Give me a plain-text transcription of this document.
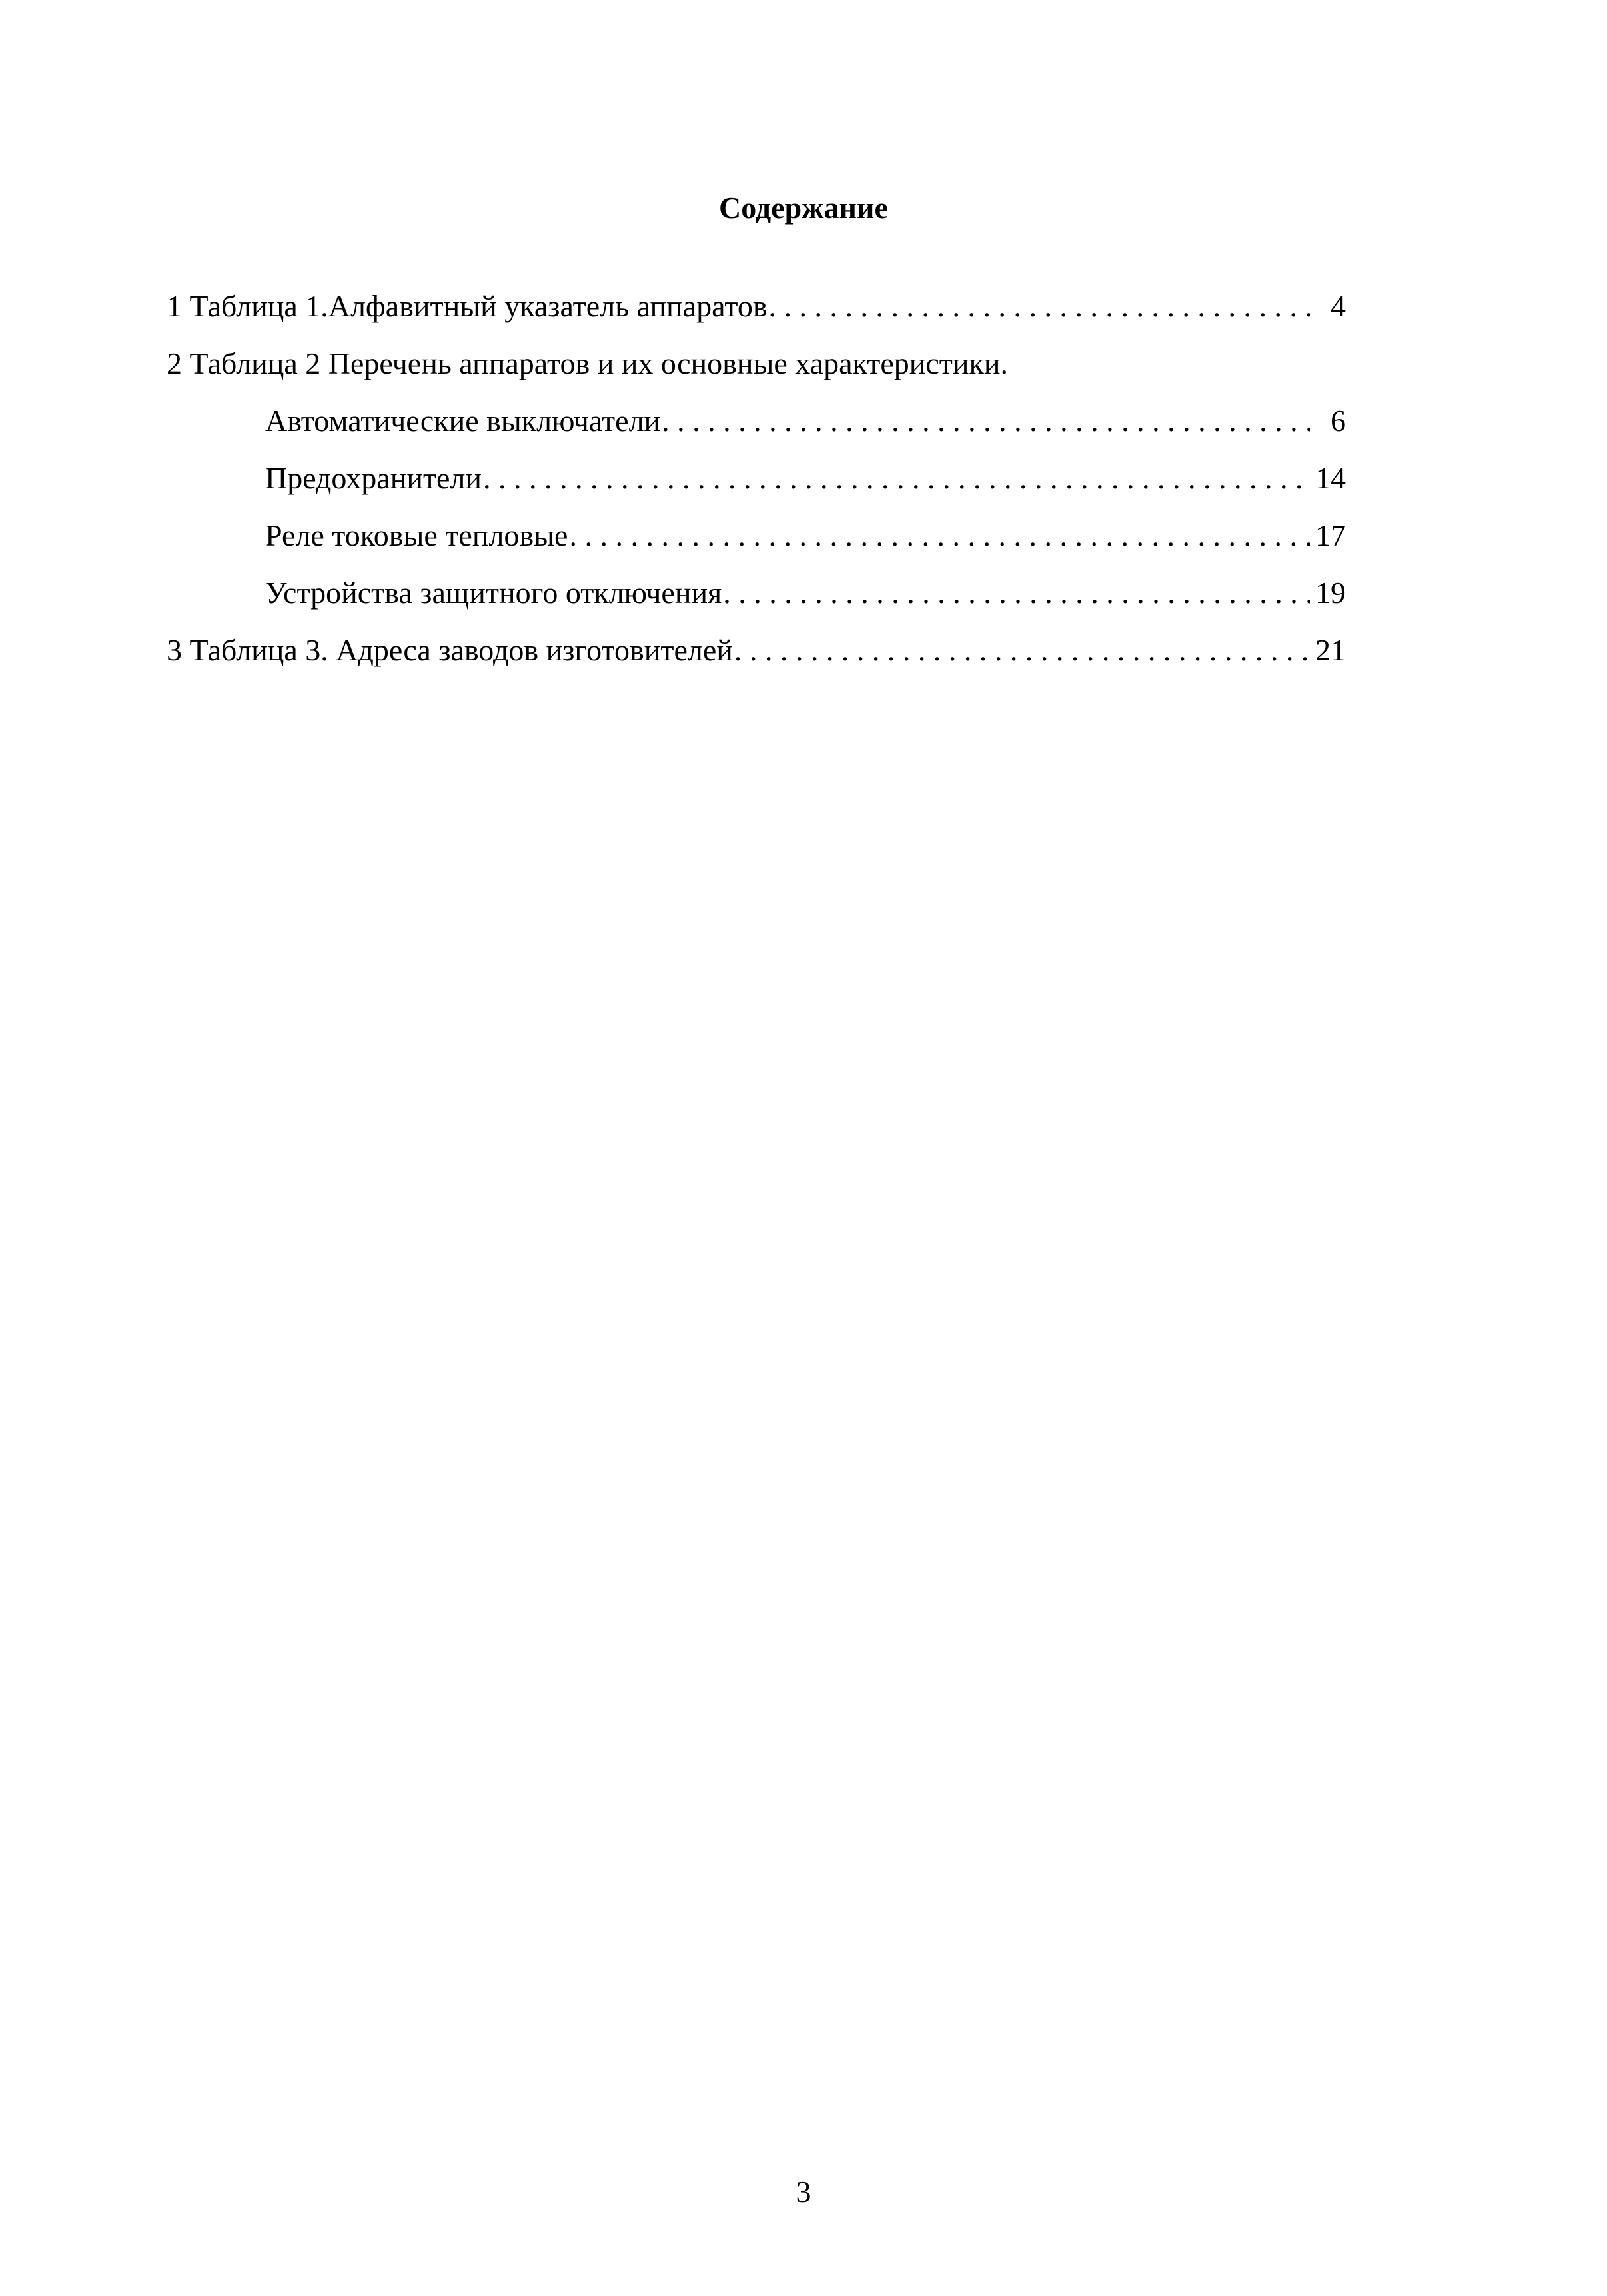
Содержание
1 Таблица 1.Алфавитный указатель аппаратов . . .	4
2 Таблица 2 Перечень аппаратов и их основные характеристики.
Автоматические выключатели . . .	6
Предохранители . . .	14
Реле токовые тепловые . . .	17
Устройства защитного отключения . . .	19
3 Таблица 3. Адреса заводов изготовителей . . .	21
3
